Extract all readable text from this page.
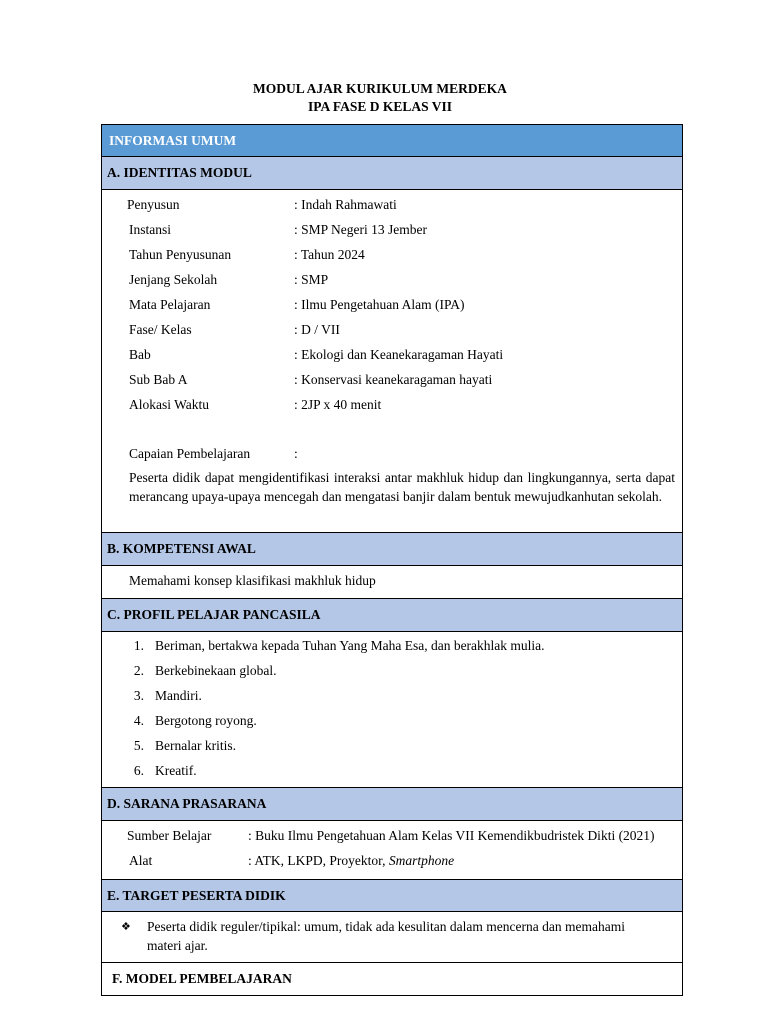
MODUL AJAR KURIKULUM MERDEKA
IPA FASE D KELAS VII
INFORMASI UMUM
A. IDENTITAS MODUL
Penyusun	: Indah Rahmawati
Instansi	: SMP Negeri 13 Jember
Tahun Penyusunan	: Tahun 2024
Jenjang Sekolah	: SMP
Mata Pelajaran	: Ilmu Pengetahuan Alam (IPA)
Fase/ Kelas	: D / VII
Bab	: Ekologi dan Keanekaragaman Hayati
Sub Bab A	: Konservasi keanekaragaman hayati
Alokasi Waktu	: 2JP x 40 menit
Capaian Pembelajaran	:
Peserta didik dapat mengidentifikasi interaksi antar makhluk hidup dan lingkungannya, serta dapat merancang upaya-upaya mencegah dan mengatasi banjir dalam bentuk mewujudkanhutan sekolah.
B. KOMPETENSI AWAL
Memahami konsep klasifikasi makhluk hidup
C. PROFIL PELAJAR PANCASILA
1. Beriman, bertakwa kepada Tuhan Yang Maha Esa, dan berakhlak mulia.
2. Berkebinekaan global.
3. Mandiri.
4. Bergotong royong.
5. Bernalar kritis.
6. Kreatif.
D. SARANA PRASARANA
Sumber Belajar	: Buku Ilmu Pengetahuan Alam Kelas VII Kemendikbudristek Dikti (2021)
Alat	: ATK, LKPD, Proyektor, Smartphone
E. TARGET PESERTA DIDIK
❖ Peserta didik reguler/tipikal: umum, tidak ada kesulitan dalam mencerna dan memahami materi ajar.
F. MODEL PEMBELAJARAN
